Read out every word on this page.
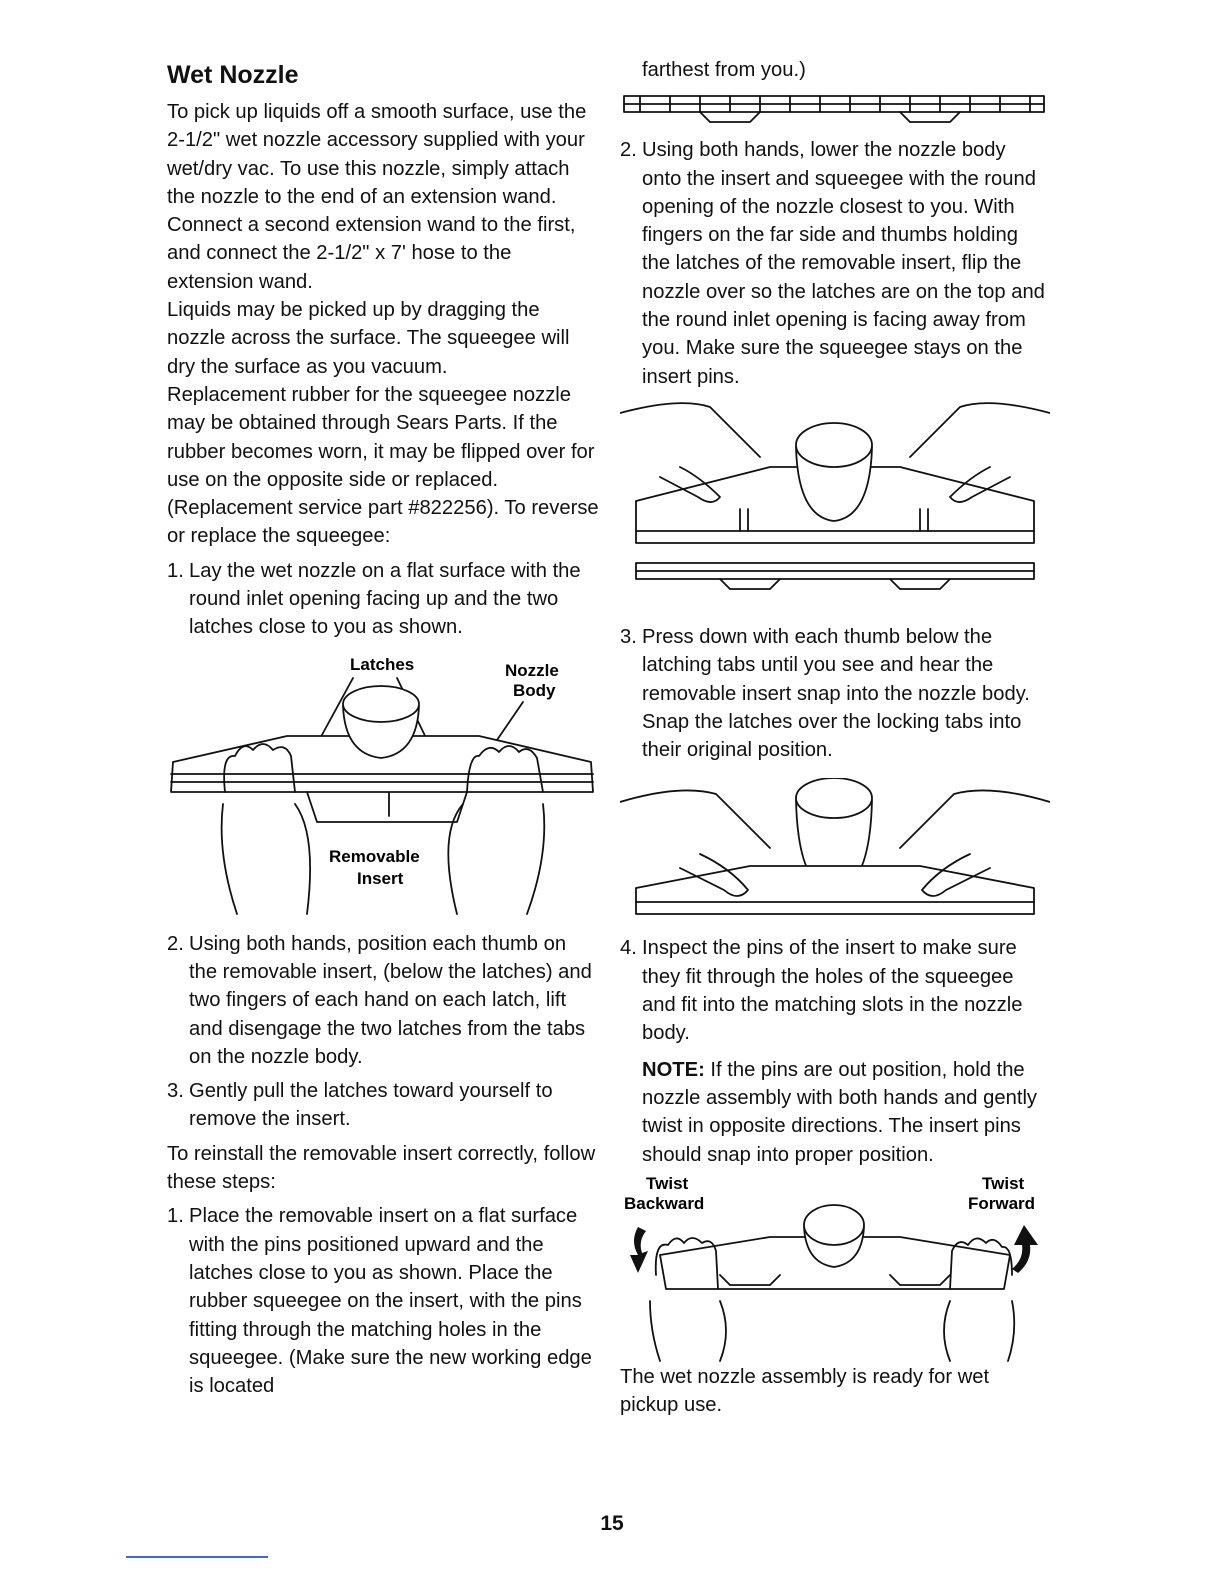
Wet Nozzle

To pick up liquids off a smooth surface, use the 2-1/2" wet nozzle accessory supplied with your wet/dry vac. To use this nozzle, simply attach the nozzle to the end of an extension wand.

Connect a second extension wand to the first, and connect the 2-1/2" x 7' hose to the extension wand.

Liquids may be picked up by dragging the nozzle across the surface. The squeegee will dry the surface as you vacuum.

Replacement rubber for the squeegee nozzle may be obtained through Sears Parts. If the rubber becomes worn, it may be flipped over for use on the opposite side or replaced. (Replacement service part #822256). To reverse or replace the squeegee:

1. Lay the wet nozzle on a flat surface with the round inlet opening facing up and the two latches close to you as shown.
Latches	Nozzle
Body
Removable
Insert
2. Using both hands, position each thumb on the removable insert, (below the latches) and two fingers of each hand on each latch, lift and disengage the two latches from the tabs on the nozzle body.
3. Gently pull the latches toward yourself to remove the insert.

To reinstall the removable insert correctly, follow these steps:

1. Place the removable insert on a flat surface with the pins positioned upward and the latches close to you as shown. Place the rubber squeegee on the insert, with the pins fitting through the matching holes in the squeegee. (Make sure the new working edge is located

farthest from you.)

2. Using both hands, lower the nozzle body onto the insert and squeegee with the round opening of the nozzle closest to you. With fingers on the far side and thumbs holding the latches of the removable insert, flip the nozzle over so the latches are on the top and the round inlet opening is facing away from you. Make sure the squeegee stays on the insert pins.
3. Press down with each thumb below the latching tabs until you see and hear the removable insert snap into the nozzle body. Snap the latches over the locking tabs into their original position.
4. Inspect the pins of the insert to make sure they fit through the holes of the squeegee and fit into the matching slots in the nozzle body.
NOTE: If the pins are out position, hold the nozzle assembly with both hands and gently twist in opposite directions. The insert pins should snap into proper position.
Twist
Backward
Twist
Forward

The wet nozzle assembly is ready for wet pickup use.

15
